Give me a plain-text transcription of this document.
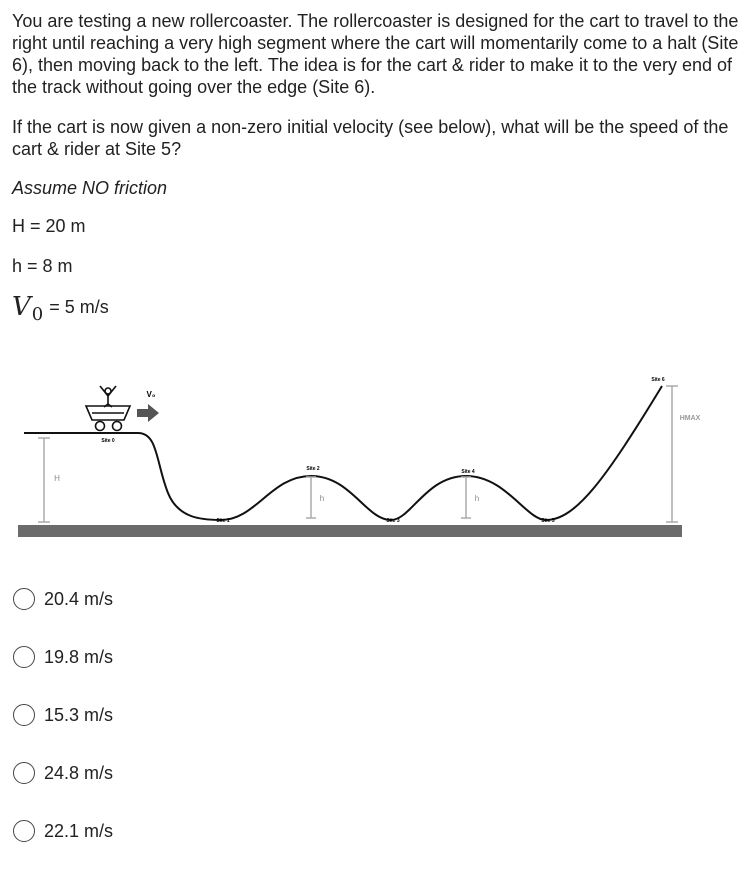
You are testing a new rollercoaster. The rollercoaster is designed for the cart to travel to the right until reaching a very high segment where the cart will momentarily come to a halt (Site 6), then moving back to the left. The idea is for the cart & rider to make it to the very end of the track without going over the edge (Site 6).

If the cart is now given a non-zero initial velocity (see below), what will be the speed of the cart & rider at Site 5?

Assume NO friction

H = 20 m

h = 8 m

V 0 = 5 m/s
H
h	h
HMAX
Site 0
Site 1
Site 2
Site 3
Site 4
Site 5
Site 6
V₀
20.4 m/s
19.8 m/s
15.3 m/s
24.8 m/s
22.1 m/s
